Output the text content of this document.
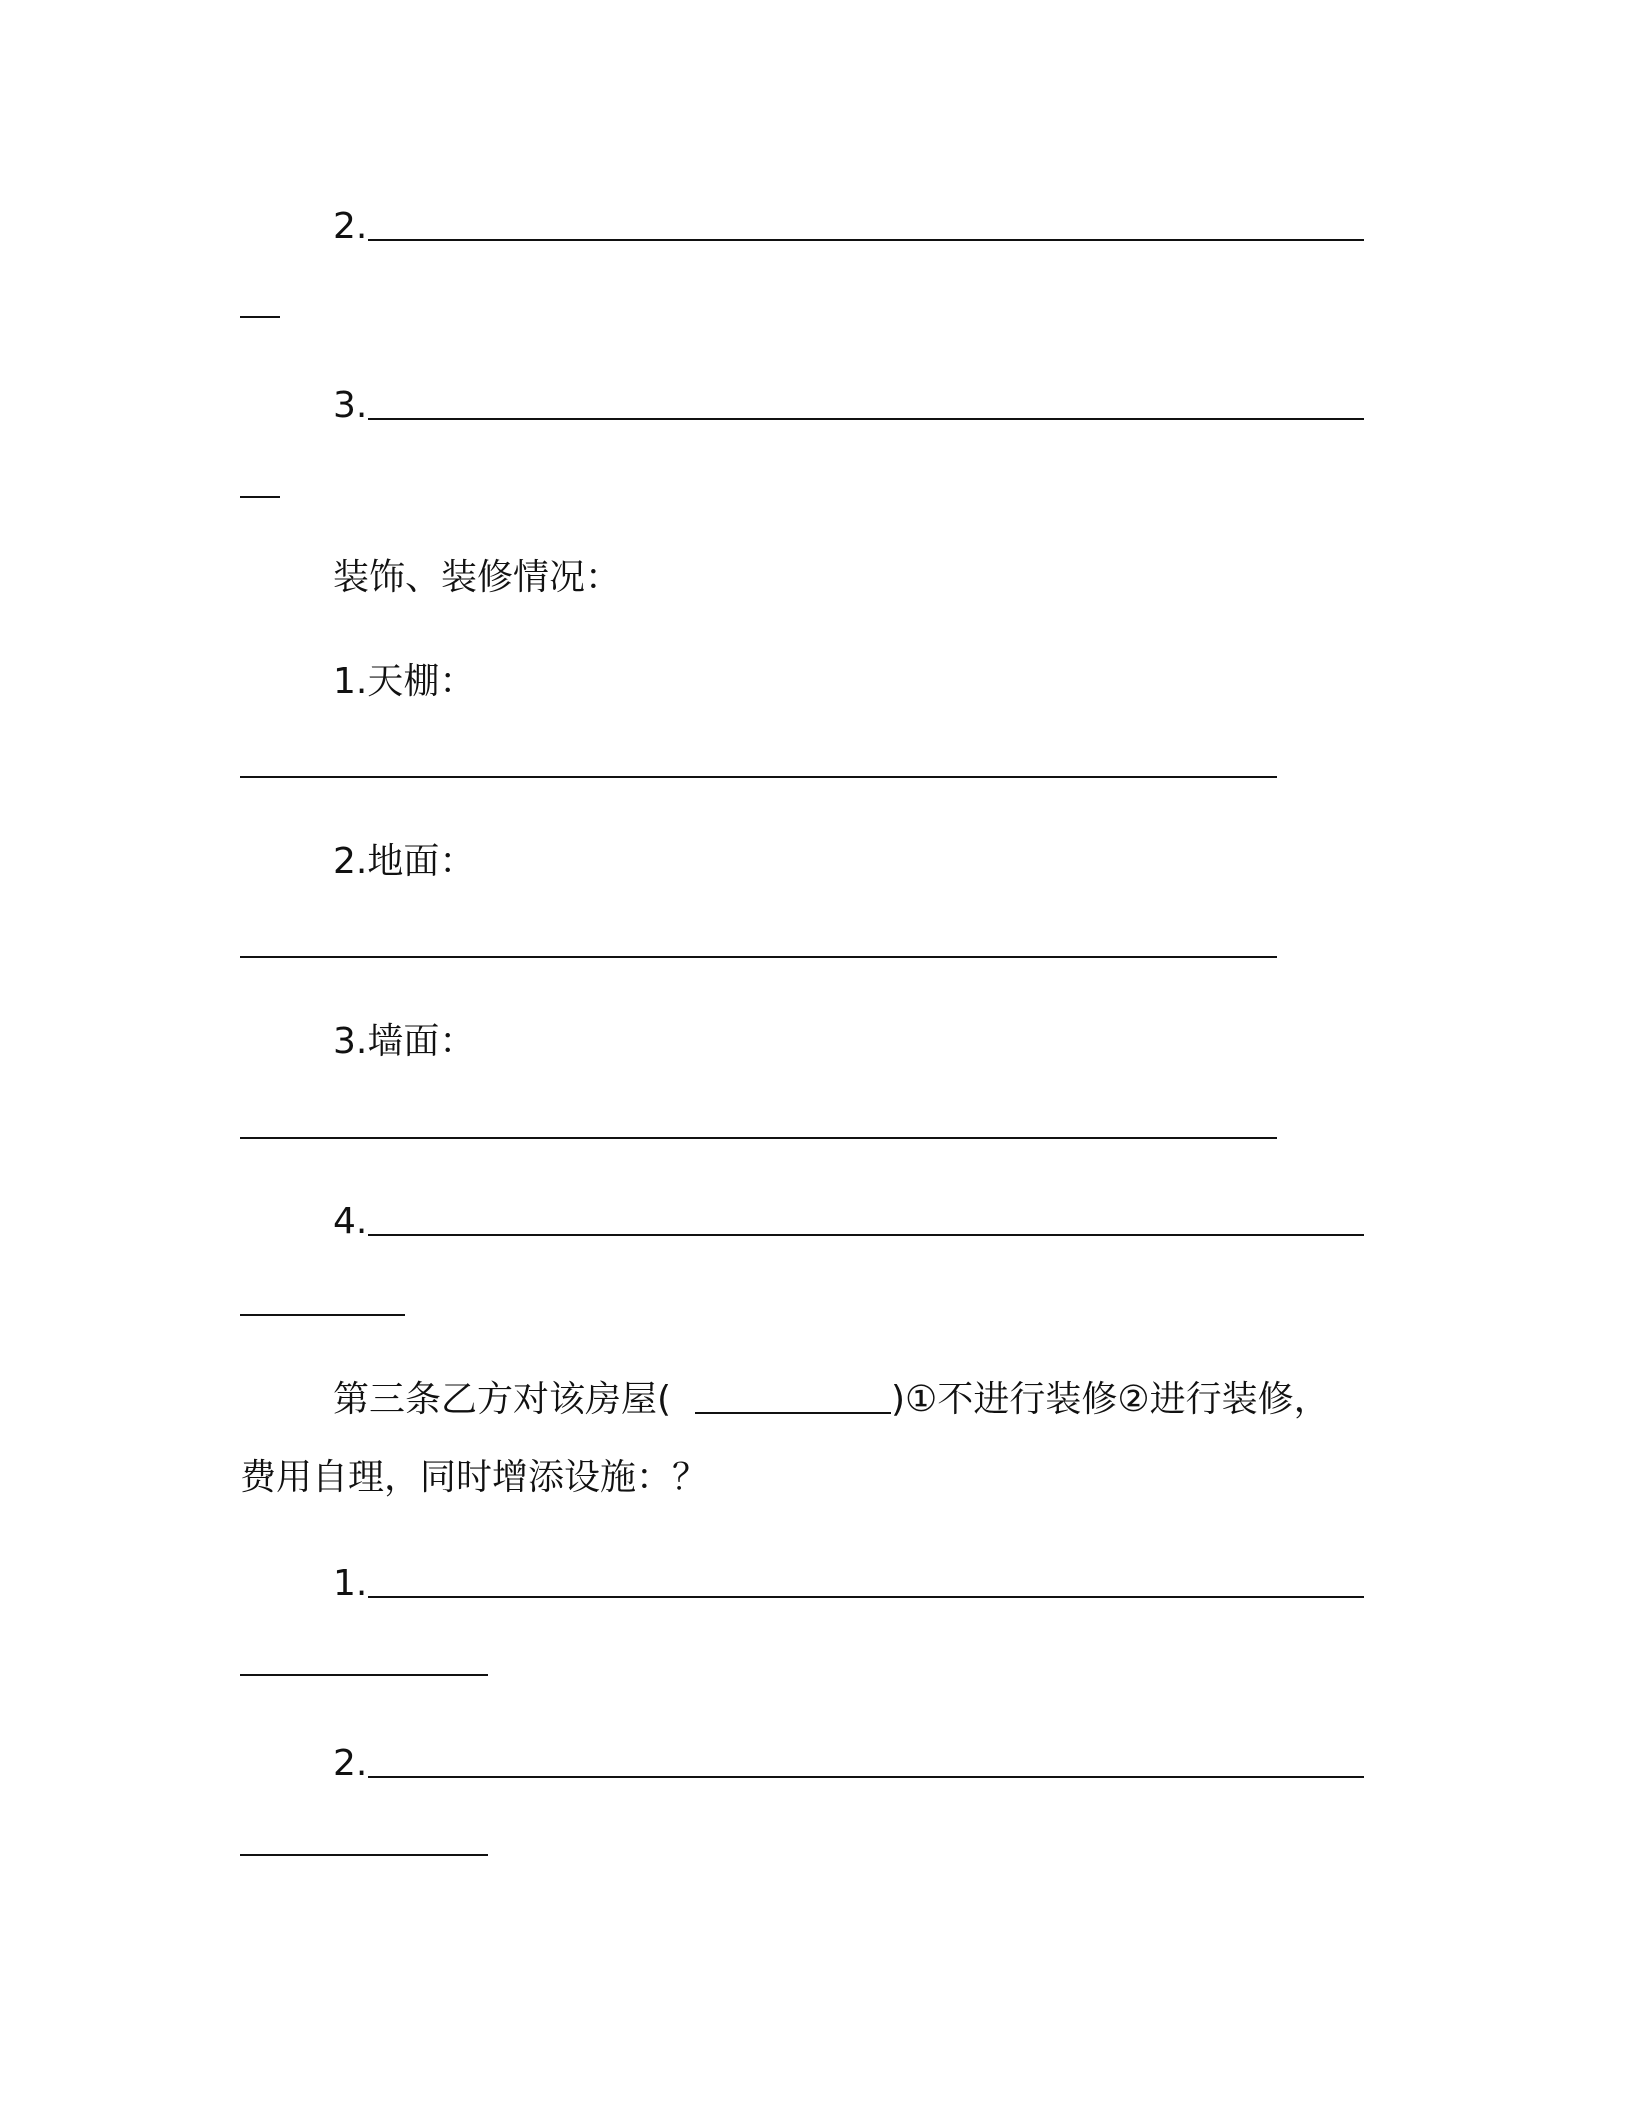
2.
3.
装饰、装修情况：
1.天棚：
2.地面：
3.墙面：
4.
第三条乙方对该房屋(	)①不进行装修②进行装修，
费用自理，同时增添设施：？
1.
2.
